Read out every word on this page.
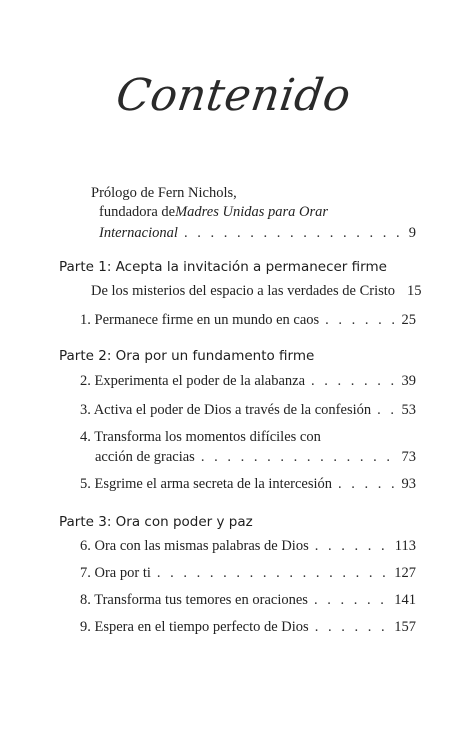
Contenido
Prólogo de Fern Nichols,
fundadora de Madres Unidas para Orar
Internacional . . .	9
Parte 1: Acepta la invitación a permanecer firme
De los misterios del espacio a las verdades de Cristo 15
1. Permanece firme en un mundo en caos . . .	25
Parte 2: Ora por un fundamento firme
2. Experimenta el poder de la alabanza . . .	39
3. Activa el poder de Dios a través de la confesión . . . 53
4. Transforma los momentos difíciles con
acción de gracias . . .	73
5. Esgrime el arma secreta de la intercesión . . .	93
Parte 3: Ora con poder y paz
6. Ora con las mismas palabras de Dios . . .	113
7. Ora por ti . . .	127
8. Transforma tus temores en oraciones . . .	141
9. Espera en el tiempo perfecto de Dios . . .	157
